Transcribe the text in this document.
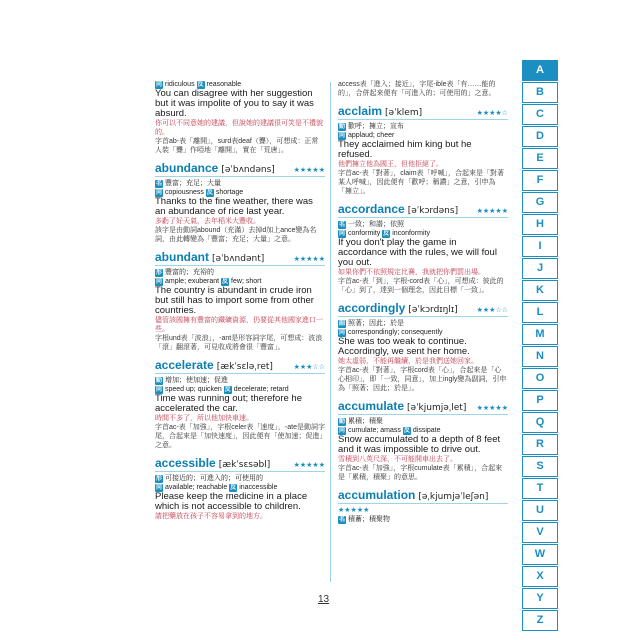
同 ridiculous 反 reasonable
You can disagree with her suggestion but it was impolite of you to say it was absurd.
你可以不同意她的建議，但說她的建議很可笑是不禮貌的。
字首ab-表「離開」，surd表deaf（聾），可想成：正常人裝「聾」作啞地「離開」，實在「荒唐」。
abundance [əˈbʌndəns]	★★★★★
名 豐富；充足；大量
同 copiousness 反 shortage
Thanks to the fine weather, there was an abundance of rice last year.
多虧了好天氣，去年稻米大豐收。
該字是由動詞abound（充滿）去掉d加上ance變為名詞，由此轉變為「豐富；充足；大量」之意。
abundant [əˈbʌndənt]	★★★★★
形 豐富的；充裕的
同 ample; exuberant 反 few; short
The country is abundant in crude iron but still has to import some from other countries.
儘管該國擁有豐富的鐵礦資源，仍要從其他國家進口一些。
字根und表「波浪」，-ant是形容詞字尾，可想成：波浪「滾」翻滾著，可見收成將會很「豐富」。
accelerate [ækˈsɛləˌret]	★★★☆☆
動 增加；使加速；促進
同 speed up; quicken 反 decelerate; retard
Time was running out; therefore he accelerated the car.
時間不多了，所以他加快車速。
字首ac-表「加強」，字根celer表「速度」，-ate是動詞字尾，合起來是「加快速度」，因此便有「使加速；促進」之意。
accessible [ækˈsɛsəbl]	★★★★★
形 可接近的；可進入的；可使用的
同 available; reachable 反 inaccessible
Please keep the medicine in a place which is not accessible to children.
請把藥放在孩子不容易拿到的地方。
access表「進入；接近」，字尾-ible表「有……能的的」，合併起來便有「可進入的；可使用的」之意。
acclaim [əˈklem]	★★★★☆
動 歡呼；擁立；宣布
同 applaud; cheer
They acclaimed him king but he refused.
他們擁立他為國王，但他拒絕了。
字首ac-表「對著」，claim表「呼喊」，合起來是「對著某人呼喊」，因此便有「歡呼；稱讚」之意，引申為「擁立」。
accordance [əˈkɔrdəns]	★★★★★
名 一致；和諧；依照
同 conformity 反 inconformity
If you don't play the game in accordance with the rules, we will foul you out.
如果你們不依照規定比賽，我就把你們罰出場。
字首ac-表「到」，字根-cord表「心」，可想成：彼此的「心」到了，達到一個理念，因此目標「一致」。
accordingly [əˈkɔrdɪŋlɪ]	★★★☆☆
副 照著；因此；於是
同 correspondingly; consequently
She was too weak to continue. Accordingly, we sent her home.
她太虛弱，不能再繼續，於是我們送她回家。
字首ac-表「對著」，字根cord表「心」，合起來是「心心相印」，即「一致，同意」，加上ingly變為副詞，引申為「照著；因此；於是」。
accumulate [əˈkjumjəˌlet] ★★★★★
動 累積；積聚
同 cumulate; amass 反 dissipate
Snow accumulated to a depth of 8 feet and it was impossible to drive out.
雪積到八英尺深，不可能開車出去了。
字首ac-表「加強」，字根cumulate表「累積」，合起來是「累積，積聚」的意思。
accumulation [əˌkjumjəˈleʃən]
★★★★★
名 積蓄；積聚物
A
B
C
D
E
F
G
H
I
J
K
L
M
N
O
P
Q
R
S
T
U
V
W
X
Y
Z
13
